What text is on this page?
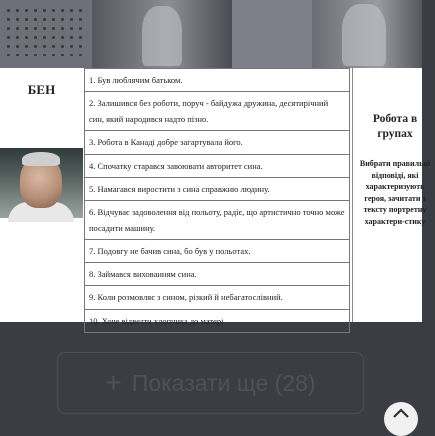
БЕН
1. Був люблячим батьком.
2. Залишився без роботи, поруч - байдужа дружина, десятирічний син, який народився надто пізно.
3. Робота в Канаді добре загартувала його.
4. Спочатку старався завоювати авторитет сина.
5. Намагався виростити з сина справжню людину.
6. Відчуває задоволення від польоту, радіє, що артистично точно може посадити машину.
7. Подовгу не бачив сина, бо був у польотах.
8. Займався вихованням сина.
9. Коли розмовляє з сином, різкий й небагатослівний.
10. Хоче відвезти хлопчика до матері
Робота в групах
Вибрати правильні відповіді, які характеризують героя, зачитати з тексту портретну характери-стику
+ Показати ще (28)
